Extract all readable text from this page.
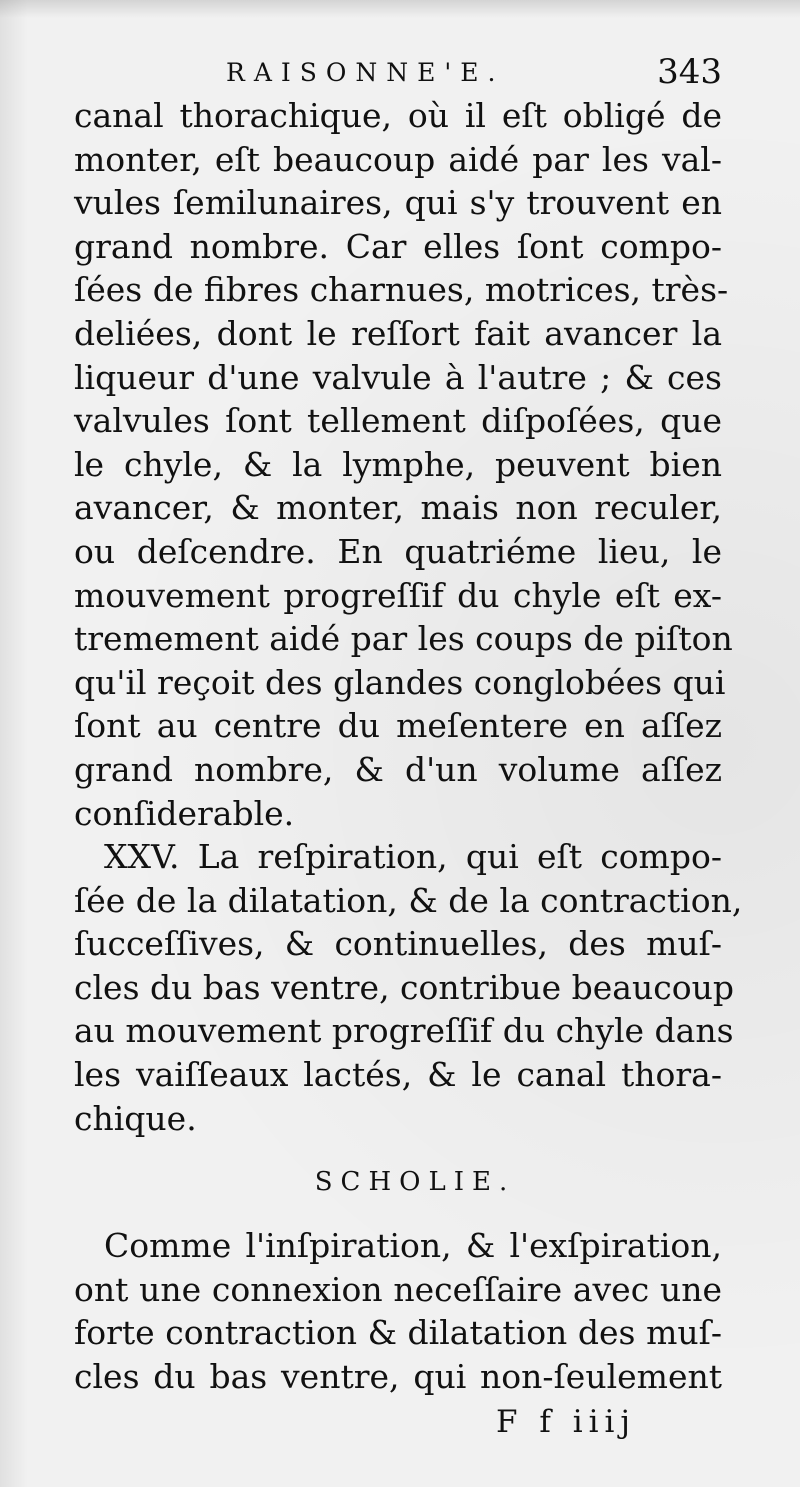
RAISONNE'E.	343
canal thorachique, où il eſt obligé de
monter, eſt beaucoup aidé par les val-
vules ſemilunaires, qui s'y trouvent en
grand nombre. Car elles ſont compo-
ſées de fibres charnues, motrices, très-
deliées, dont le reſſort fait avancer la
liqueur d'une valvule à l'autre ; & ces
valvules ſont tellement diſpoſées, que
le chyle, & la lymphe, peuvent bien
avancer, & monter, mais non reculer,
ou deſcendre. En quatriéme lieu, le
mouvement progreſſif du chyle eſt ex-
tremement aidé par les coups de piſton
qu'il reçoit des glandes conglobées qui
ſont au centre du meſentere en aſſez
grand nombre, & d'un volume aſſez
conſiderable.
XXV. La reſpiration, qui eſt compo-
ſée de la dilatation, & de la contraction,
ſucceſſives, & continuelles, des muſ-
cles du bas ventre, contribue beaucoup
au mouvement progreſſif du chyle dans
les vaiſſeaux lactés, & le canal thora-
chique.
SCHOLIE.
Comme l'inſpiration, & l'exſpiration,
ont une connexion neceſſaire avec une
forte contraction & dilatation des muſ-
cles du bas ventre, qui non-ſeulement
F f iiij
